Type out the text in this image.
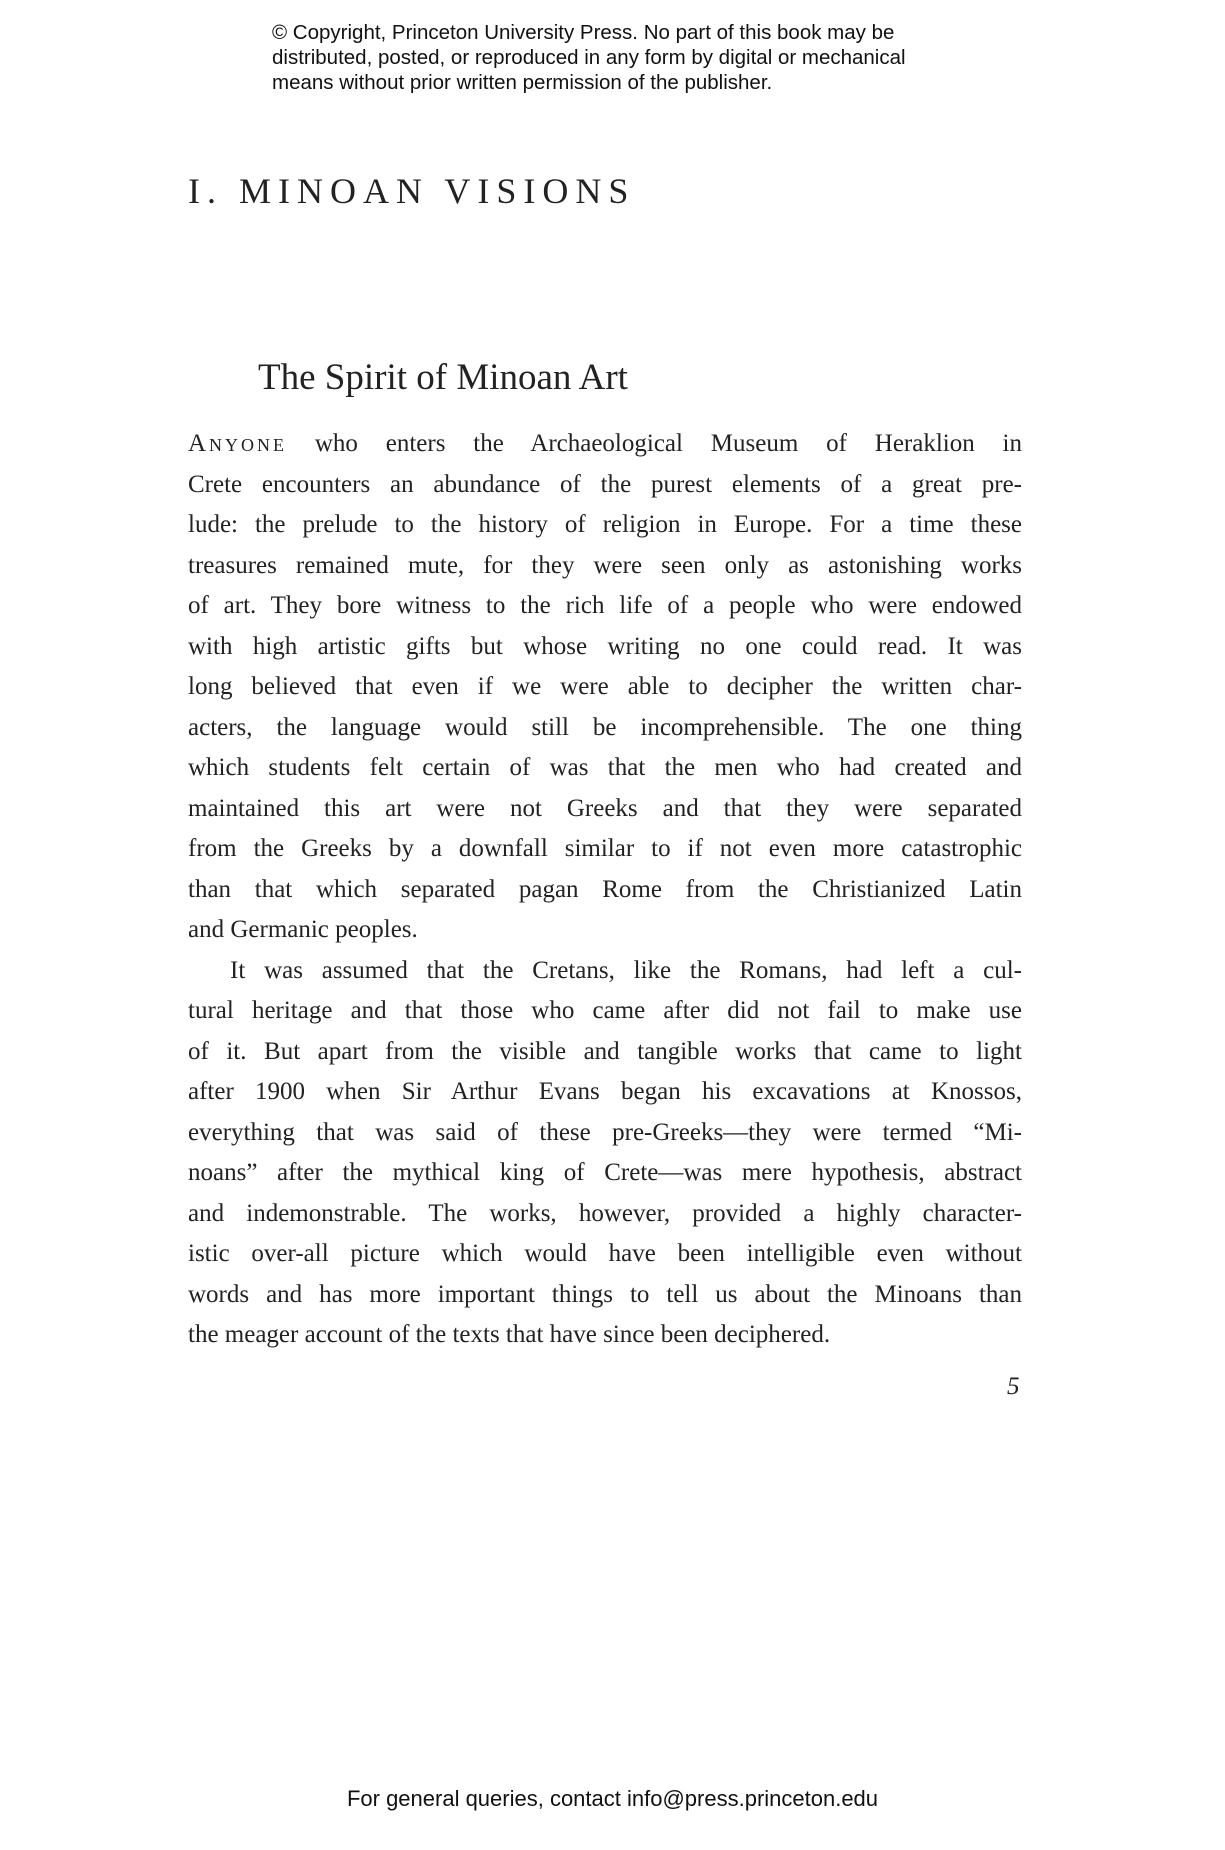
© Copyright, Princeton University Press. No part of this book may be
distributed, posted, or reproduced in any form by digital or mechanical
means without prior written permission of the publisher.
I. MINOAN VISIONS
The Spirit of Minoan Art
Anyone who enters the Archaeological Museum of Heraklion in
Crete encounters an abundance of the purest elements of a great pre-
lude: the prelude to the history of religion in Europe. For a time these
treasures remained mute, for they were seen only as astonishing works
of art. They bore witness to the rich life of a people who were endowed
with high artistic gifts but whose writing no one could read. It was
long believed that even if we were able to decipher the written char-
acters, the language would still be incomprehensible. The one thing
which students felt certain of was that the men who had created and
maintained this art were not Greeks and that they were separated
from the Greeks by a downfall similar to if not even more catastrophic
than that which separated pagan Rome from the Christianized Latin
and Germanic peoples.
It was assumed that the Cretans, like the Romans, had left a cul-
tural heritage and that those who came after did not fail to make use
of it. But apart from the visible and tangible works that came to light
after 1900 when Sir Arthur Evans began his excavations at Knossos,
everything that was said of these pre-Greeks—they were termed “Mi-
noans” after the mythical king of Crete—was mere hypothesis, abstract
and indemonstrable. The works, however, provided a highly character-
istic over-all picture which would have been intelligible even without
words and has more important things to tell us about the Minoans than
the meager account of the texts that have since been deciphered.
5
For general queries, contact info@press.princeton.edu
